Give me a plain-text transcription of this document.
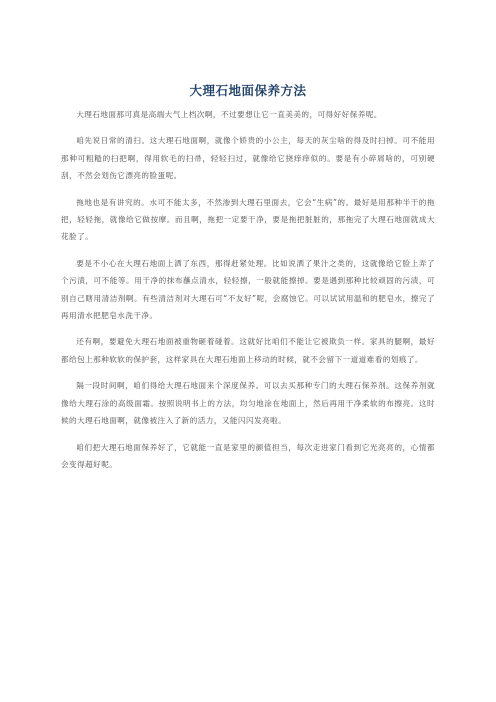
大理石地面保养方法

大理石地面那可真是高端大气上档次啊，不过要想让它一直美美的，可得好好保养呢。

咱先说日常的清扫。这大理石地面啊，就像个娇贵的小公主，每天的灰尘啥的得及时扫掉。可不能用那种可粗糙的扫把啊，得用软毛的扫帚，轻轻扫过，就像给它挠痒痒似的。要是有小碎屑啥的，可别硬刮，不然会划伤它漂亮的脸蛋呢。

拖地也是有讲究的。水可不能太多，不然渗到大理石里面去，它会“生病”的。最好是用那种半干的拖把，轻轻拖，就像给它做按摩。而且啊，拖把一定要干净，要是拖把脏脏的，那拖完了大理石地面就成大花脸了。

要是不小心在大理石地面上洒了东西，那得赶紧处理。比如说洒了果汁之类的，这就像给它脸上弄了个污渍，可不能等。用干净的抹布蘸点清水，轻轻擦，一般就能擦掉。要是遇到那种比较顽固的污渍，可别自己瞎用清洁剂啊。有些清洁剂对大理石可“不友好”呢，会腐蚀它。可以试试用温和的肥皂水，擦完了再用清水把肥皂水洗干净。

还有啊，要避免大理石地面被重物砸着碰着。这就好比咱们不能让它被欺负一样。家具的腿啊，最好都给包上那种软软的保护套，这样家具在大理石地面上移动的时候，就不会留下一道道难看的划痕了。

隔一段时间啊，咱们得给大理石地面来个深度保养。可以去买那种专门的大理石保养剂。这保养剂就像给大理石涂的高级面霜。按照说明书上的方法，均匀地涂在地面上，然后再用干净柔软的布擦亮。这时候的大理石地面啊，就像被注入了新的活力，又能闪闪发亮啦。

咱们把大理石地面保养好了，它就能一直是家里的颜值担当，每次走进家门看到它光亮亮的，心情都会变得超好呢。
